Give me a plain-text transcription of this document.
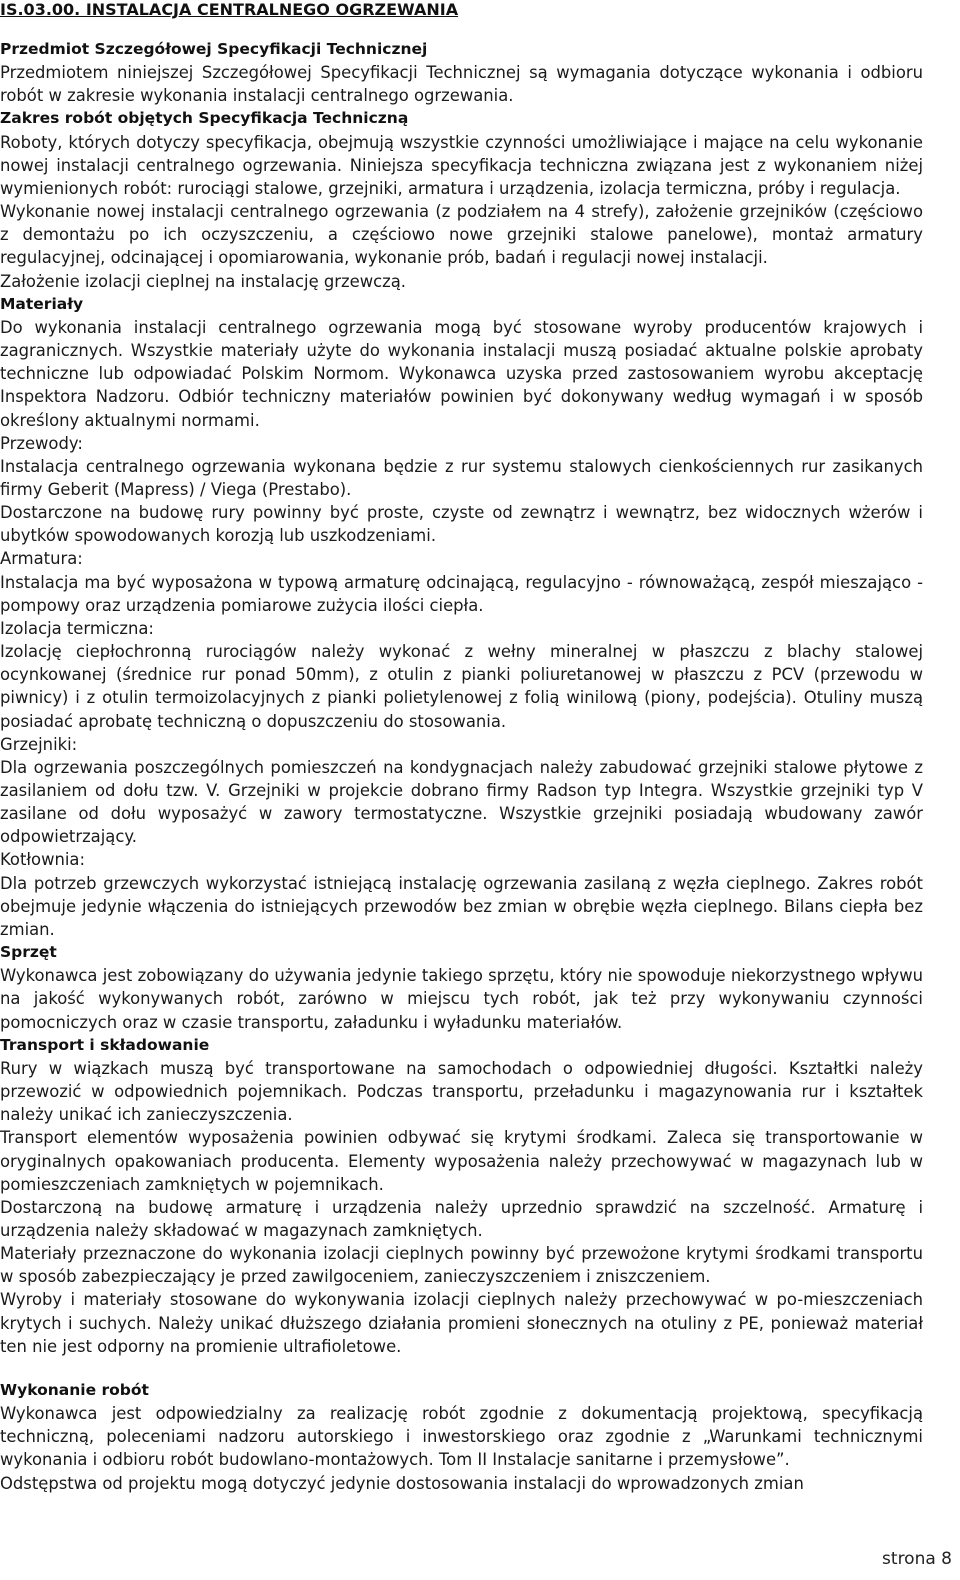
IS.03.00. INSTALACJA CENTRALNEGO OGRZEWANIA
Przedmiot Szczegółowej Specyfikacji Technicznej

Przedmiotem niniejszej Szczegółowej Specyfikacji Technicznej są wymagania dotyczące wykonania i odbioru robót w zakresie wykonania instalacji centralnego ogrzewania.

Zakres robót objętych Specyfikacja Techniczną

Roboty, których dotyczy specyfikacja, obejmują wszystkie czynności umożliwiające i mające na celu wykonanie nowej instalacji centralnego ogrzewania. Niniejsza specyfikacja techniczna związana jest z wykonaniem niżej wymienionych robót: rurociągi stalowe, grzejniki, armatura i urządzenia, izolacja termiczna, próby i regulacja.

Wykonanie nowej instalacji centralnego ogrzewania (z podziałem na 4 strefy), założenie grzejników (częściowo z demontażu po ich oczyszczeniu, a częściowo nowe grzejniki stalowe panelowe), montaż armatury regulacyjnej, odcinającej i opomiarowania, wykonanie prób, badań i regulacji nowej instalacji.

Założenie izolacji cieplnej na instalację grzewczą.

Materiały

Do wykonania instalacji centralnego ogrzewania mogą być stosowane wyroby producentów krajowych i zagranicznych. Wszystkie materiały użyte do wykonania instalacji muszą posiadać aktualne polskie aprobaty techniczne lub odpowiadać Polskim Normom. Wykonawca uzyska przed zastosowaniem wyrobu akceptację Inspektora Nadzoru. Odbiór techniczny materiałów powinien być dokonywany według wymagań i w sposób określony aktualnymi normami.

Przewody:

Instalacja centralnego ogrzewania wykonana będzie z rur systemu stalowych cienkościennych rur zasikanych firmy Geberit (Mapress) / Viega (Prestabo).

Dostarczone na budowę rury powinny być proste, czyste od zewnątrz i wewnątrz, bez widocznych wżerów i ubytków spowodowanych korozją lub uszkodzeniami.

Armatura:

Instalacja ma być wyposażona w typową armaturę odcinającą, regulacyjno - równoważącą, zespół mieszająco - pompowy oraz urządzenia pomiarowe zużycia ilości ciepła.

Izolacja termiczna:

Izolację ciepłochronną rurociągów należy wykonać z wełny mineralnej w płaszczu z blachy stalowej ocynkowanej (średnice rur ponad 50mm), z otulin z pianki poliuretanowej w płaszczu z PCV (przewodu w piwnicy) i z otulin termoizolacyjnych z pianki polietylenowej z folią winilową (piony, podejścia). Otuliny muszą posiadać aprobatę techniczną o dopuszczeniu do stosowania.

Grzejniki:

Dla ogrzewania poszczególnych pomieszczeń na kondygnacjach należy zabudować grzejniki stalowe płytowe z zasilaniem od dołu tzw. V. Grzejniki w projekcie dobrano firmy Radson typ Integra. Wszystkie grzejniki typ V zasilane od dołu wyposażyć w zawory termostatyczne. Wszystkie grzejniki posiadają wbudowany zawór odpowietrzający.

Kotłownia:

Dla potrzeb grzewczych wykorzystać istniejącą instalację ogrzewania zasilaną z węzła cieplnego. Zakres robót obejmuje jedynie włączenia do istniejących przewodów bez zmian w obrębie węzła cieplnego. Bilans ciepła bez zmian.

Sprzęt

Wykonawca jest zobowiązany do używania jedynie takiego sprzętu, który nie spowoduje niekorzystnego wpływu na jakość wykonywanych robót, zarówno w miejscu tych robót, jak też przy wykonywaniu czynności pomocniczych oraz w czasie transportu, załadunku i wyładunku materiałów.

Transport i składowanie

Rury w wiązkach muszą być transportowane na samochodach o odpowiedniej długości. Kształtki należy przewozić w odpowiednich pojemnikach. Podczas transportu, przeładunku i magazynowania rur i kształtek należy unikać ich zanieczyszczenia.

Transport elementów wyposażenia powinien odbywać się krytymi środkami. Zaleca się transportowanie w oryginalnych opakowaniach producenta. Elementy wyposażenia należy przechowywać w magazynach lub w pomieszczeniach zamkniętych w pojemnikach.

Dostarczoną na budowę armaturę i urządzenia należy uprzednio sprawdzić na szczelność. Armaturę i urządzenia należy składować w magazynach zamkniętych.

Materiały przeznaczone do wykonania izolacji cieplnych powinny być przewożone krytymi środkami transportu w sposób zabezpieczający je przed zawilgoceniem, zanieczyszczeniem i zniszczeniem.

Wyroby i materiały stosowane do wykonywania izolacji cieplnych należy przechowywać w po-mieszczeniach krytych i suchych. Należy unikać dłuższego działania promieni słonecznych na otuliny z PE, ponieważ materiał ten nie jest odporny na promienie ultrafioletowe.

Wykonanie robót

Wykonawca jest odpowiedzialny za realizację robót zgodnie z dokumentacją projektową, specyfikacją techniczną, poleceniami nadzoru autorskiego i inwestorskiego oraz zgodnie z „Warunkami technicznymi wykonania i odbioru robót budowlano-montażowych. Tom II Instalacje sanitarne i przemysłowe”.

Odstępstwa od projektu mogą dotyczyć jedynie dostosowania instalacji do wprowadzonych zmian

strona 8
